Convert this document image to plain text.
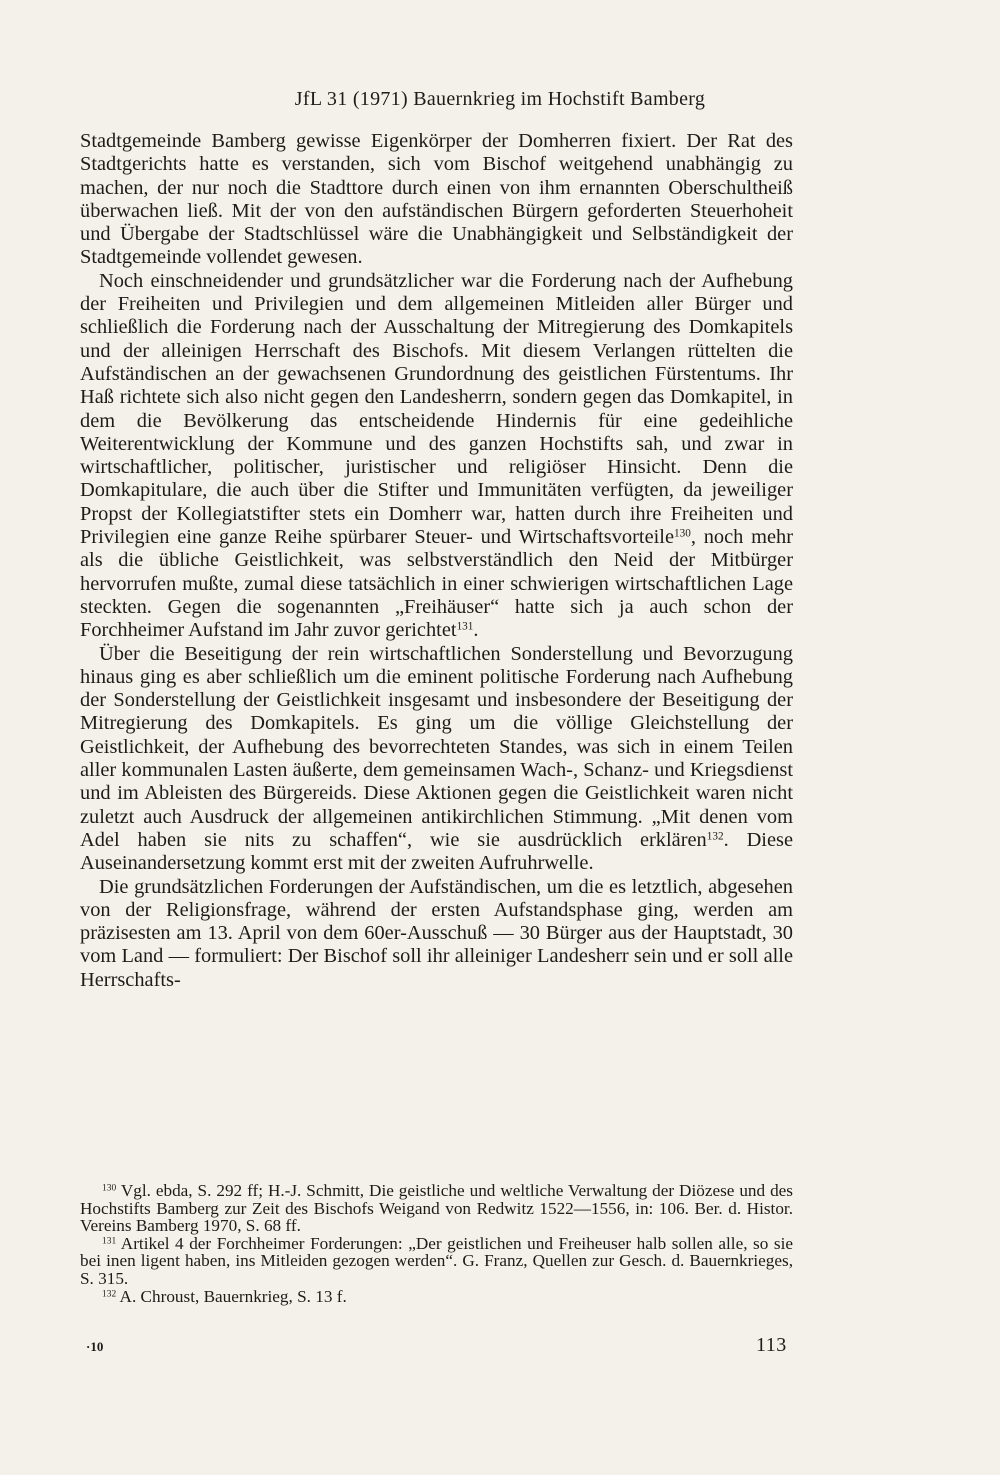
JfL 31 (1971) Bauernkrieg im Hochstift Bamberg

Stadtgemeinde Bamberg gewisse Eigenkörper der Domherren fixiert. Der Rat des Stadtgerichts hatte es verstanden, sich vom Bischof weitgehend unabhängig zu machen, der nur noch die Stadttore durch einen von ihm ernannten Oberschultheiß überwachen ließ. Mit der von den aufständischen Bürgern geforderten Steuerhoheit und Übergabe der Stadtschlüssel wäre die Unabhängigkeit und Selbständigkeit der Stadtgemeinde vollendet gewesen.

Noch einschneidender und grundsätzlicher war die Forderung nach der Aufhebung der Freiheiten und Privilegien und dem allgemeinen Mitleiden aller Bürger und schließlich die Forderung nach der Ausschaltung der Mitregierung des Domkapitels und der alleinigen Herrschaft des Bischofs. Mit diesem Verlangen rüttelten die Aufständischen an der gewachsenen Grundordnung des geistlichen Fürstentums. Ihr Haß richtete sich also nicht gegen den Landesherrn, sondern gegen das Domkapitel, in dem die Bevölkerung das entscheidende Hindernis für eine gedeihliche Weiterentwicklung der Kommune und des ganzen Hochstifts sah, und zwar in wirtschaftlicher, politischer, juristischer und religiöser Hinsicht. Denn die Domkapitulare, die auch über die Stifter und Immunitäten verfügten, da jeweiliger Propst der Kollegiatstifter stets ein Domherr war, hatten durch ihre Freiheiten und Privilegien eine ganze Reihe spürbarer Steuer- und Wirtschaftsvorteile$^{130}$, noch mehr als die übliche Geistlichkeit, was selbstverständlich den Neid der Mitbürger hervorrufen mußte, zumal diese tatsächlich in einer schwierigen wirtschaftlichen Lage steckten. Gegen die sogenannten „Freihäuser“ hatte sich ja auch schon der Forchheimer Aufstand im Jahr zuvor gerichtet$^{131}$.

Über die Beseitigung der rein wirtschaftlichen Sonderstellung und Bevorzugung hinaus ging es aber schließlich um die eminent politische Forderung nach Aufhebung der Sonderstellung der Geistlichkeit insgesamt und insbesondere der Beseitigung der Mitregierung des Domkapitels. Es ging um die völlige Gleichstellung der Geistlichkeit, der Aufhebung des bevorrechteten Standes, was sich in einem Teilen aller kommunalen Lasten äußerte, dem gemeinsamen Wach-, Schanz- und Kriegsdienst und im Ableisten des Bürgereids. Diese Aktionen gegen die Geistlichkeit waren nicht zuletzt auch Ausdruck der allgemeinen antikirchlichen Stimmung. „Mit denen vom Adel haben sie nits zu schaffen“, wie sie ausdrücklich erklären$^{132}$. Diese Auseinandersetzung kommt erst mit der zweiten Aufruhrwelle.

Die grundsätzlichen Forderungen der Aufständischen, um die es letztlich, abgesehen von der Religionsfrage, während der ersten Aufstandsphase ging, werden am präzisesten am 13. April von dem 60er-Ausschuß — 30 Bürger aus der Hauptstadt, 30 vom Land — formuliert: Der Bischof soll ihr alleiniger Landesherr sein und er soll alle Herrschafts-

$^{130}$ Vgl. ebda, S. 292 ff; H.-J. Schmitt, Die geistliche und weltliche Verwaltung der Diözese und des Hochstifts Bamberg zur Zeit des Bischofs Weigand von Redwitz 1522—1556, in: 106. Ber. d. Histor. Vereins Bamberg 1970, S. 68 ff.

$^{131}$ Artikel 4 der Forchheimer Forderungen: „Der geistlichen und Freiheuser halb sollen alle, so sie bei inen ligent haben, ins Mitleiden gezogen werden“. G. Franz, Quellen zur Gesch. d. Bauernkrieges, S. 315.

$^{132}$ A. Chroust, Bauernkrieg, S. 13 f.

·10	113
